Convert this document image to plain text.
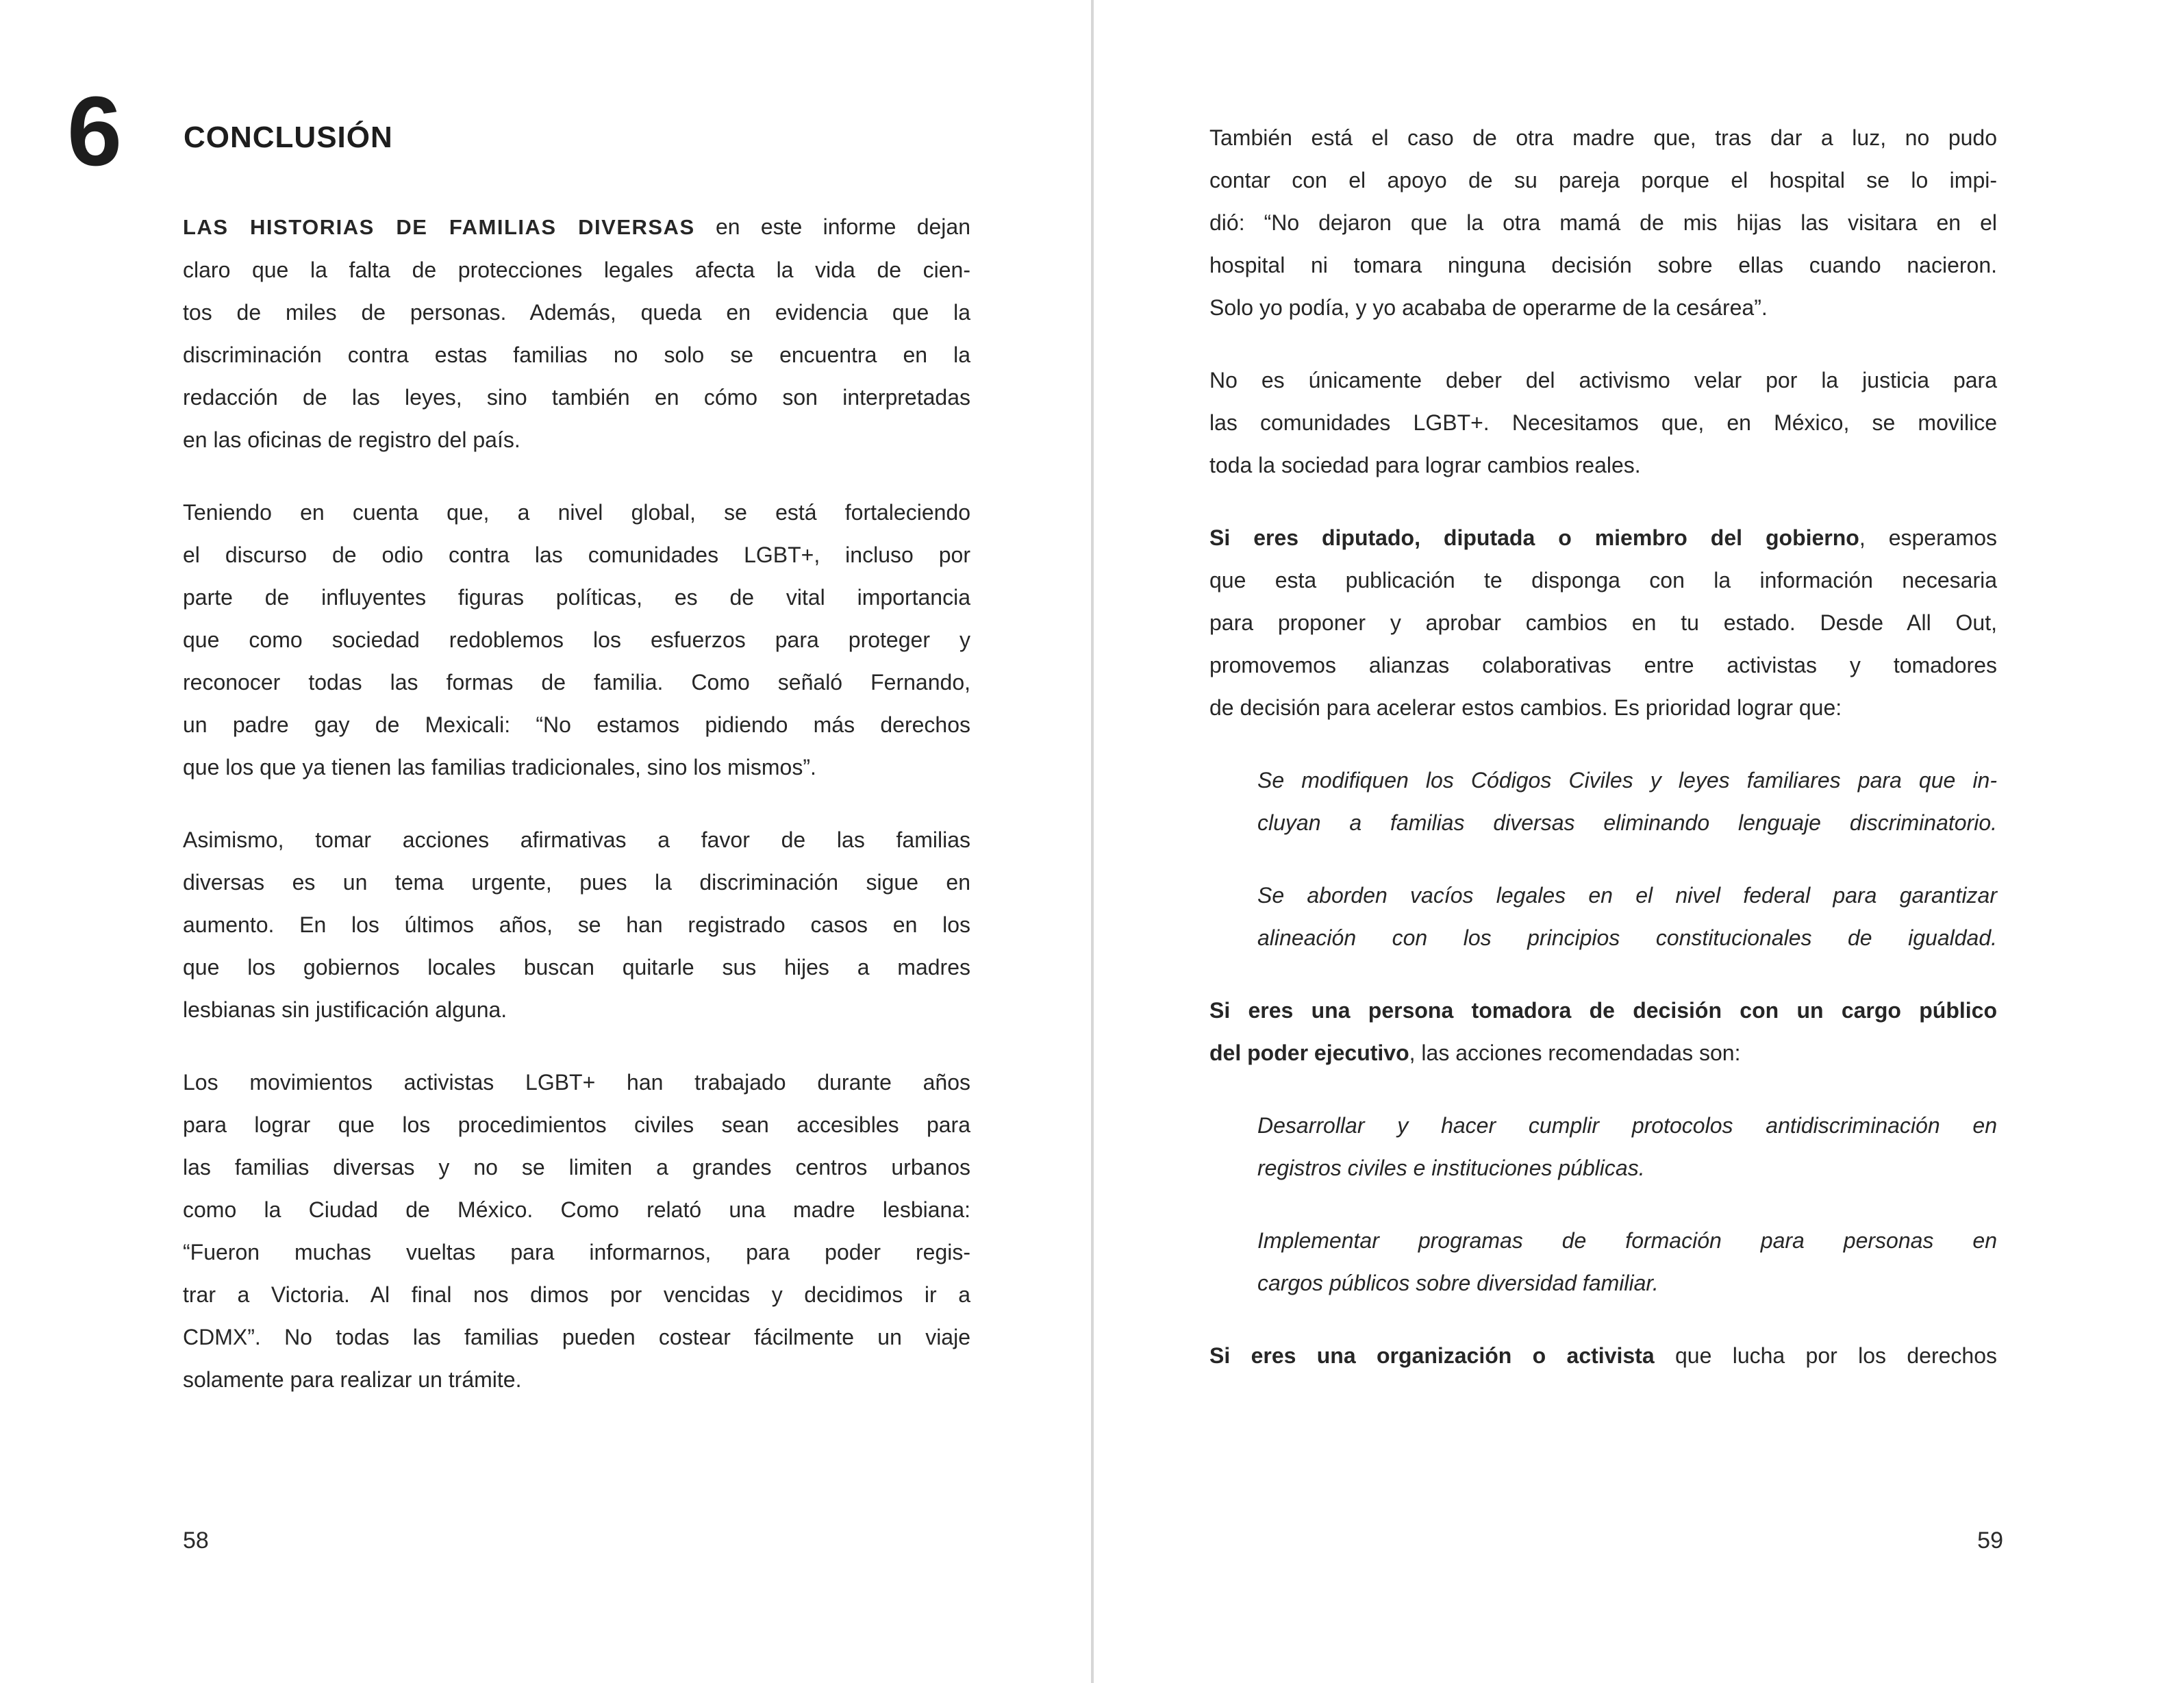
6 CONCLUSIÓN
LAS HISTORIAS DE FAMILIAS DIVERSAS en este informe dejan
claro que la falta de protecciones legales afecta la vida de cien-
tos de miles de personas. Además, queda en evidencia que la
discriminación contra estas familias no solo se encuentra en la
redacción de las leyes, sino también en cómo son interpretadas
en las oficinas de registro del país.
Teniendo en cuenta que, a nivel global, se está fortaleciendo
el discurso de odio contra las comunidades LGBT+, incluso por
parte de influyentes figuras políticas, es de vital importancia
que como sociedad redoblemos los esfuerzos para proteger y
reconocer todas las formas de familia. Como señaló Fernando,
un padre gay de Mexicali: “No estamos pidiendo más derechos
que los que ya tienen las familias tradicionales, sino los mismos”.
Asimismo, tomar acciones afirmativas a favor de las familias
diversas es un tema urgente, pues la discriminación sigue en
aumento. En los últimos años, se han registrado casos en los
que los gobiernos locales buscan quitarle sus hijes a madres
lesbianas sin justificación alguna.
Los movimientos activistas LGBT+ han trabajado durante años
para lograr que los procedimientos civiles sean accesibles para
las familias diversas y no se limiten a grandes centros urbanos
como la Ciudad de México. Como relató una madre lesbiana:
“Fueron muchas vueltas para informarnos, para poder regis-
trar a Victoria. Al final nos dimos por vencidas y decidimos ir a
CDMX”. No todas las familias pueden costear fácilmente un viaje
solamente para realizar un trámite.
58
También está el caso de otra madre que, tras dar a luz, no pudo
contar con el apoyo de su pareja porque el hospital se lo impi-
dió: “No dejaron que la otra mamá de mis hijas las visitara en el
hospital ni tomara ninguna decisión sobre ellas cuando nacieron.
Solo yo podía, y yo acababa de operarme de la cesárea”.
No es únicamente deber del activismo velar por la justicia para
las comunidades LGBT+. Necesitamos que, en México, se movilice
toda la sociedad para lograr cambios reales.
Si eres diputado, diputada o miembro del gobierno, esperamos
que esta publicación te disponga con la información necesaria
para proponer y aprobar cambios en tu estado. Desde All Out,
promovemos alianzas colaborativas entre activistas y tomadores
de decisión para acelerar estos cambios. Es prioridad lograr que:
Se modifiquen los Códigos Civiles y leyes familiares para que in-
cluyan a familias diversas eliminando lenguaje discriminatorio.
Se aborden vacíos legales en el nivel federal para garantizar
alineación con los principios constitucionales de igualdad.
Si eres una persona tomadora de decisión con un cargo público
del poder ejecutivo, las acciones recomendadas son:
Desarrollar y hacer cumplir protocolos antidiscriminación en
registros civiles e instituciones públicas.
Implementar programas de formación para personas en
cargos públicos sobre diversidad familiar.
Si eres una organización o activista que lucha por los derechos
59
